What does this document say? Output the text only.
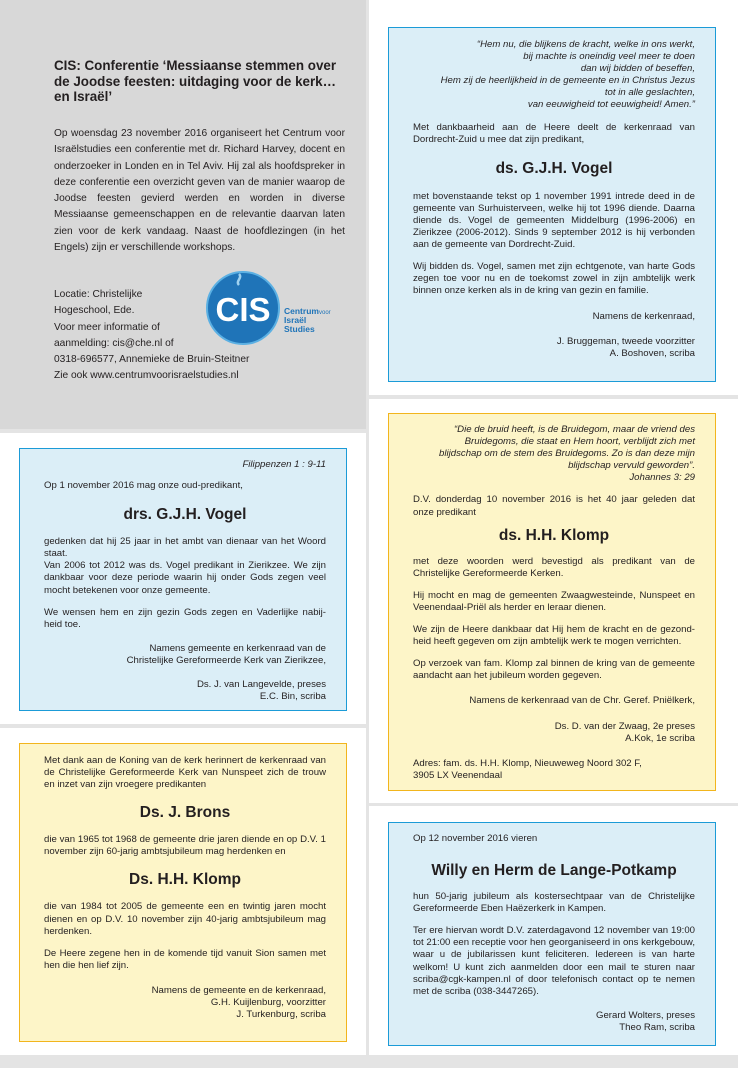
CIS: Conferentie ‘Messiaanse stemmen over de Joodse feesten: uitdaging voor de kerk… en Israël’
Op woensdag 23 november 2016 organiseert het Centrum voor Israëlstudies een conferentie met dr. Richard Harvey, docent en onderzoeker in Londen en in Tel Aviv. Hij zal als hoofdspreker in deze conferentie een overzicht geven van de manier waarop de Joodse feesten gevierd werden en worden in diverse Messiaanse gemeenschappen en de relevantie daarvan laten zien voor de kerk vandaag. Naast de hoofdlezingen (in het Engels) zijn er verschillende workshops.
Locatie: Christelijke
Hogeschool, Ede.
Voor meer informatie of
aanmelding: cis@che.nl of
0318-696577, Annemieke de Bruin-Steitner
Zie ook www.centrumvoorisraelstudies.nl
CIS Centrum voor
Israël
Studies
“Hem nu, die blijkens de kracht, welke in ons werkt,
bij machte is oneindig veel meer te doen
dan wij bidden of beseffen,
Hem zij de heerlijkheid in de gemeente en in Christus Jezus
tot in alle geslachten,
van eeuwigheid tot eeuwigheid! Amen.”

Met dankbaarheid aan de Heere deelt de kerkenraad van Dordrecht-Zuid u mee dat zijn predikant,

ds. G.J.H. Vogel

met bovenstaande tekst op 1 november 1991 intrede deed in de gemeente van Surhuisterveen, welke hij tot 1996 diende. Daarna diende ds. Vogel de gemeenten Middelburg (1996-2006) en Zierikzee (2006-2012). Sinds 9 september 2012 is hij verbonden aan de gemeente van Dordrecht-Zuid.

Wij bidden ds. Vogel, samen met zijn echtgenote, van harte Gods zegen toe voor nu en de toekomst zowel in zijn ambtelijk werk binnen onze kerken als in de kring van gezin en familie.

Namens de kerkenraad,

J. Bruggeman, tweede voorzitter
A. Boshoven, scriba
Filippenzen 1 : 9-11

Op 1 november 2016 mag onze oud-predikant,

drs. G.J.H. Vogel

gedenken dat hij 25 jaar in het ambt van dienaar van het Woord staat.

Van 2006 tot 2012 was ds. Vogel predikant in Zierikzee. We zijn dankbaar voor deze periode waarin hij onder Gods zegen veel mocht betekenen voor onze gemeente.

We wensen hem en zijn gezin Gods zegen en Vaderlijke nabij-heid toe.

Namens gemeente en kerkenraad van de
Christelijke Gereformeerde Kerk van Zierikzee,
Ds. J. van Langevelde, preses
E.C. Bin, scriba
“Die de bruid heeft, is de Bruidegom, maar de vriend des
Bruidegoms, die staat en Hem hoort, verblijdt zich met
blijdschap om de stem des Bruidegoms. Zo is dan deze mijn
blijdschap vervuld geworden”.
Johannes 3: 29

D.V. donderdag 10 november 2016 is het 40 jaar geleden dat onze predikant

ds. H.H. Klomp

met deze woorden werd bevestigd als predikant van de Christelijke Gereformeerde Kerken.

Hij mocht en mag de gemeenten Zwaagwesteinde, Nunspeet en Veenendaal-Priël als herder en leraar dienen.

We zijn de Heere dankbaar dat Hij hem de kracht en de gezond-heid heeft gegeven om zijn ambtelijk werk te mogen verrichten.

Op verzoek van fam. Klomp zal binnen de kring van de gemeente aandacht aan het jubileum worden gegeven.

Namens de kerkenraad van de Chr. Geref. Pniëlkerk,

Ds. D. van der Zwaag, 2e preses
A.Kok, 1e scriba
Adres: fam. ds. H.H. Klomp, Nieuweweg Noord 302 F,
3905 LX Veenendaal

Met dank aan de Koning van de kerk herinnert de kerkenraad van de Christelijke Gereformeerde Kerk van Nunspeet zich de trouw en inzet van zijn vroegere predikanten

Ds. J. Brons

die van 1965 tot 1968 de gemeente drie jaren diende en op D.V. 1 november zijn 60-jarig ambtsjubileum mag herdenken en

Ds. H.H. Klomp

die van 1984 tot 2005 de gemeente een en twintig jaren mocht dienen en op D.V. 10 november zijn 40-jarig ambtsjubileum mag herdenken.

De Heere zegene hen in de komende tijd vanuit Sion samen met hen die hen lief zijn.

Namens de gemeente en de kerkenraad,
G.H. Kuijlenburg, voorzitter
J. Turkenburg, scriba

Op 12 november 2016 vieren

Willy en Herm de Lange-Potkamp

hun 50-jarig jubileum als kostersechtpaar van de Christelijke Gereformeerde Eben Haëzerkerk in Kampen.

Ter ere hiervan wordt D.V. zaterdagavond 12 november van 19:00 tot 21:00 een receptie voor hen georganiseerd in ons kerkgebouw, waar u de jubilarissen kunt feliciteren. Iedereen is van harte welkom! U kunt zich aanmelden door een mail te sturen naar scriba@cgk-kampen.nl of door telefonisch contact op te nemen met de scriba (038-3447265).

Gerard Wolters, preses
Theo Ram, scriba
